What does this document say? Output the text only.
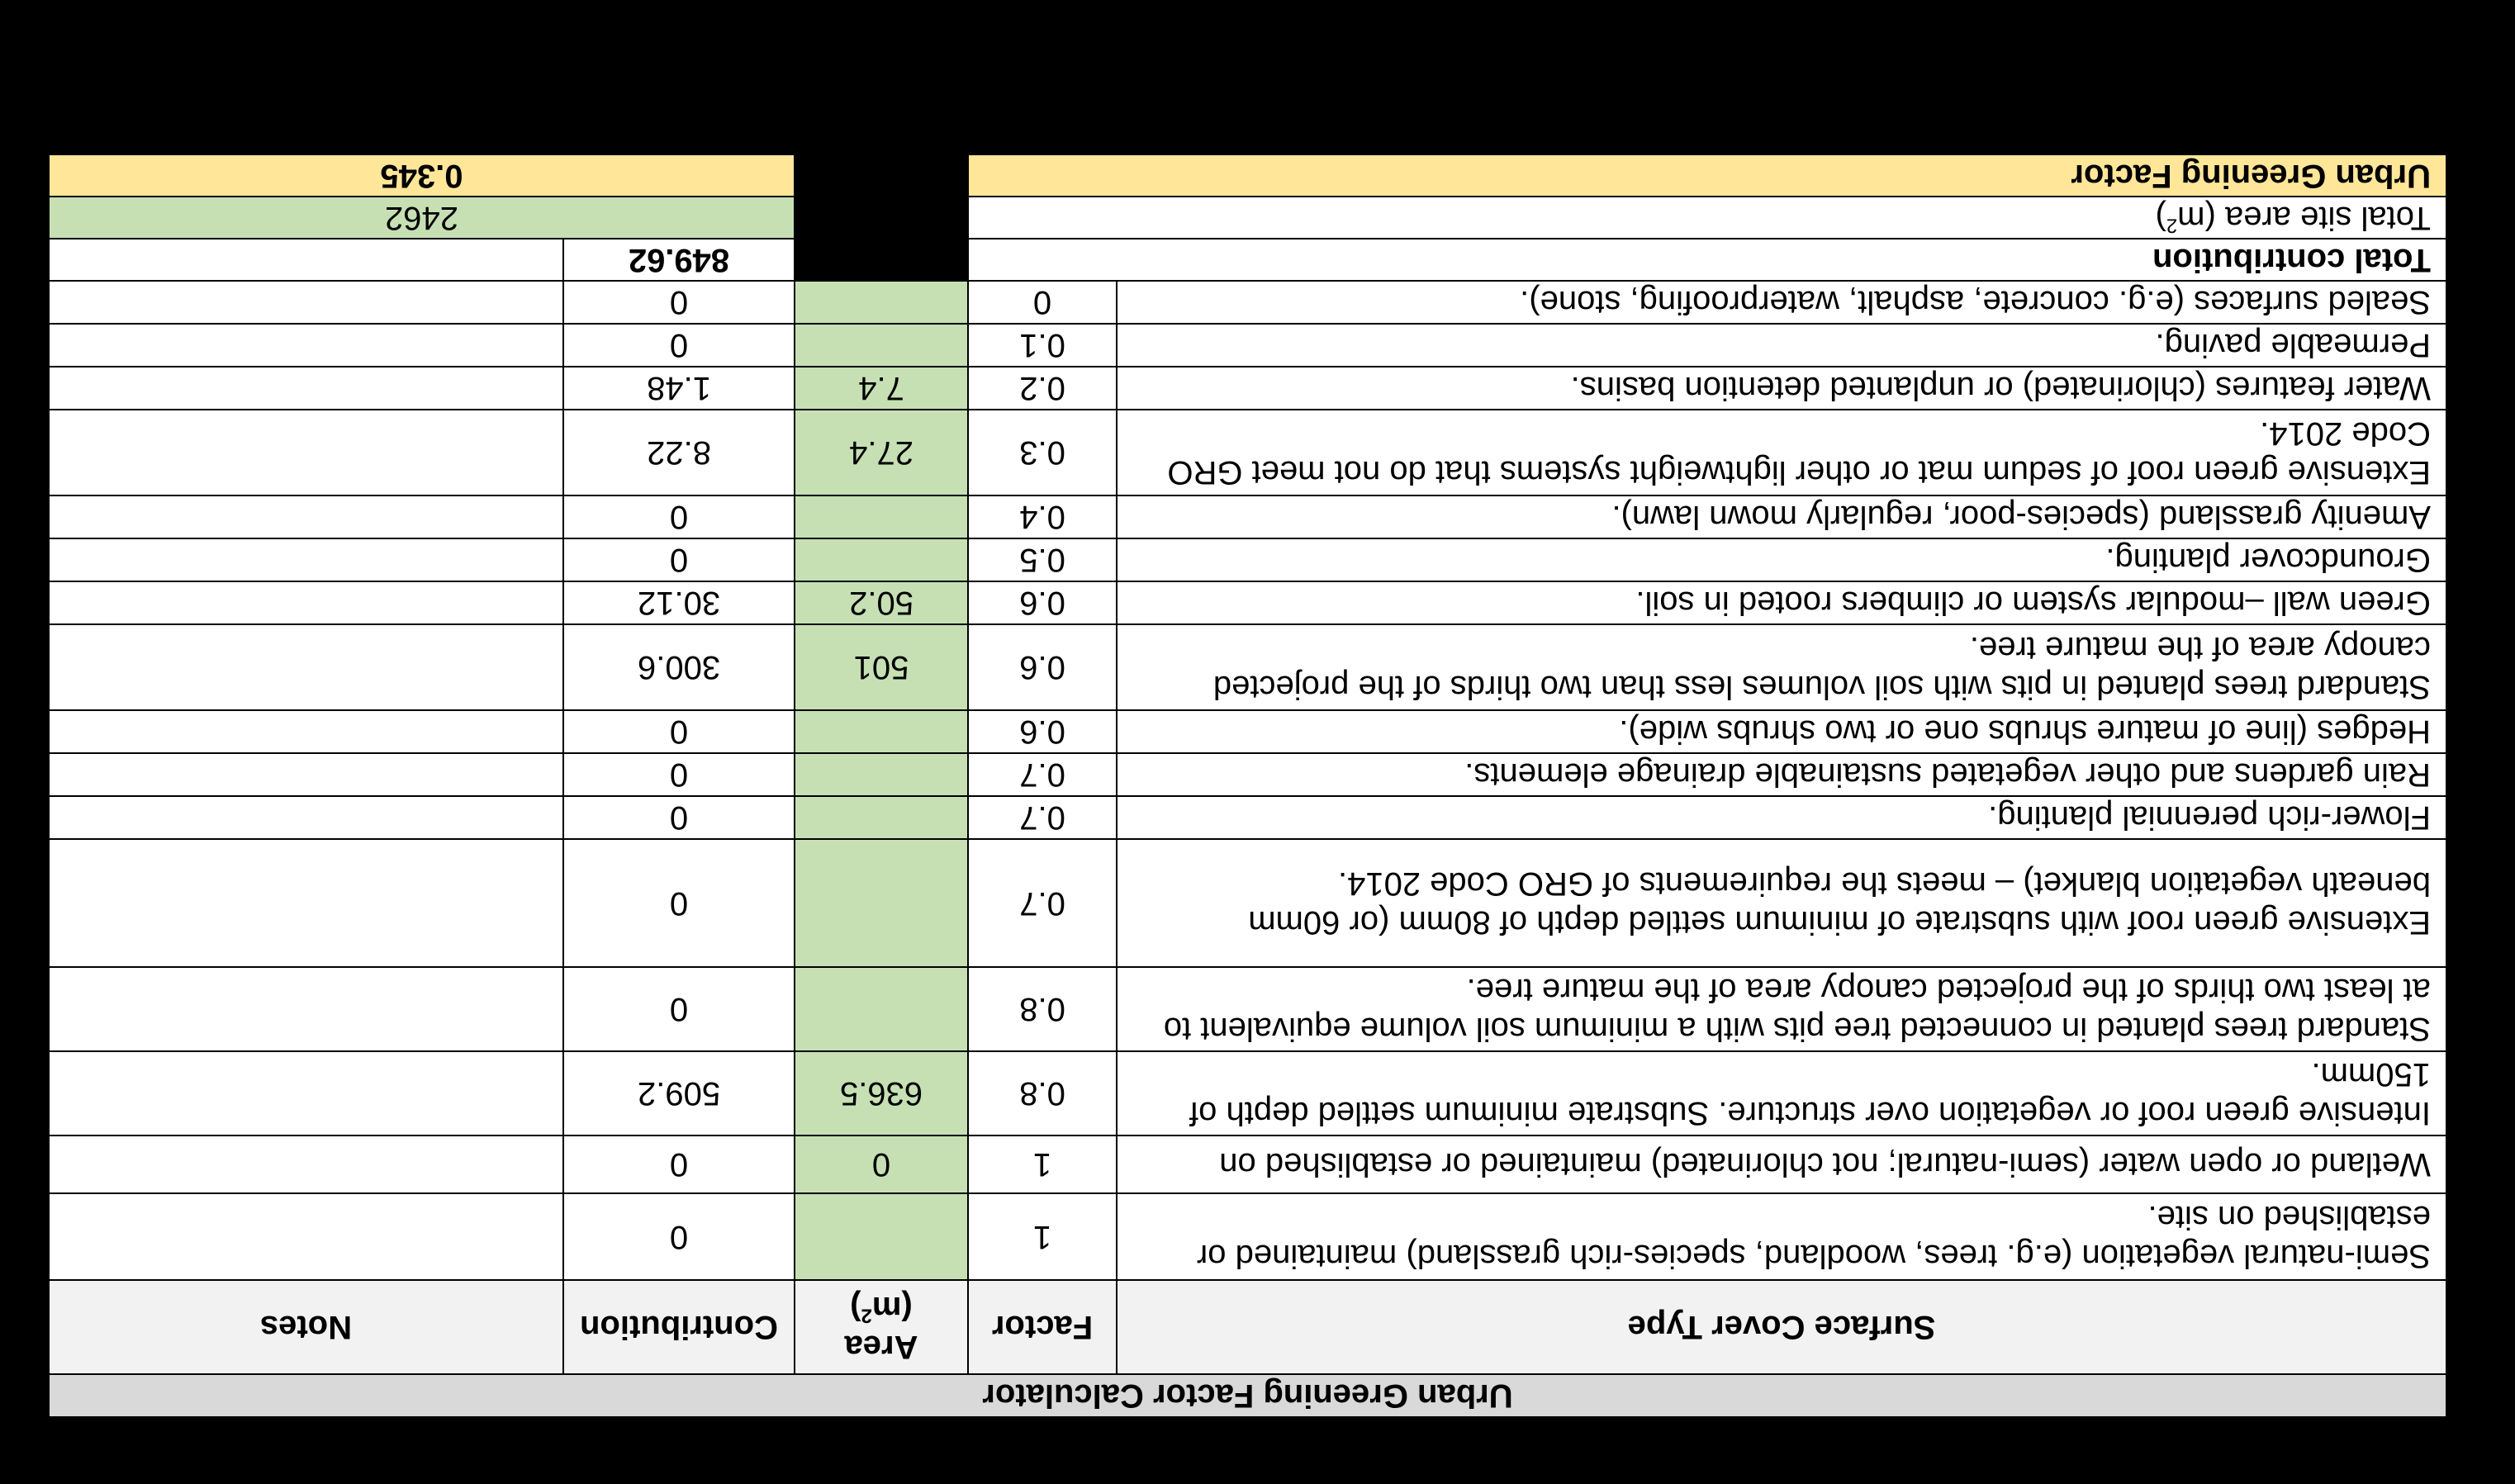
Urban Greening Factor Calculator				
Surface Cover Type	Factor	Area $(m^2)$	Contribution	Notes
Semi-natural vegetation (e.g. trees, woodland, species-rich grassland) maintained or established on site.	1		0	
Wetland or open water (semi-natural; not chlorinated) maintained or established on	1	0	0	
Intensive green roof or vegetation over structure. Substrate minimum settled depth of 150mm.	0.8	636.5	509.2	
Standard trees planted in connected tree pits with a minimum soil volume equivalent to at least two thirds of the projected canopy area of the mature tree.	0.8		0	
Extensive green roof with substrate of minimum settled depth of 80mm (or 60mm beneath vegetation blanket) – meets the requirements of GRO Code 2014.	0.7		0	
Flower-rich perennial planting.	0.7		0	
Rain gardens and other vegetated sustainable drainage elements.	0.7		0	
Hedges (line of mature shrubs one or two shrubs wide).	0.6		0	
Standard trees planted in pits with soil volumes less than two thirds of the projected canopy area of the mature tree.	0.6	501	300.6	
Green wall –modular system or climbers rooted in soil.	0.6	50.2	30.12	
Groundcover planting.	0.5		0	
Amenity grassland (species-poor, regularly mown lawn).	0.4		0	
Extensive green roof of sedum mat or other lightweight systems that do not meet GRO Code 2014.	0.3	27.4	8.22	
Water features (chlorinated) or unplanted detention basins.	0.2	7.4	1.48	
Permeable paving.	0.1		0	
Sealed surfaces (e.g. concrete, asphalt, waterproofing, stone).	0		0	
Total contribution			849.62	
Total site area $(m^2)$			2462	
Urban Greening Factor			0.345	
